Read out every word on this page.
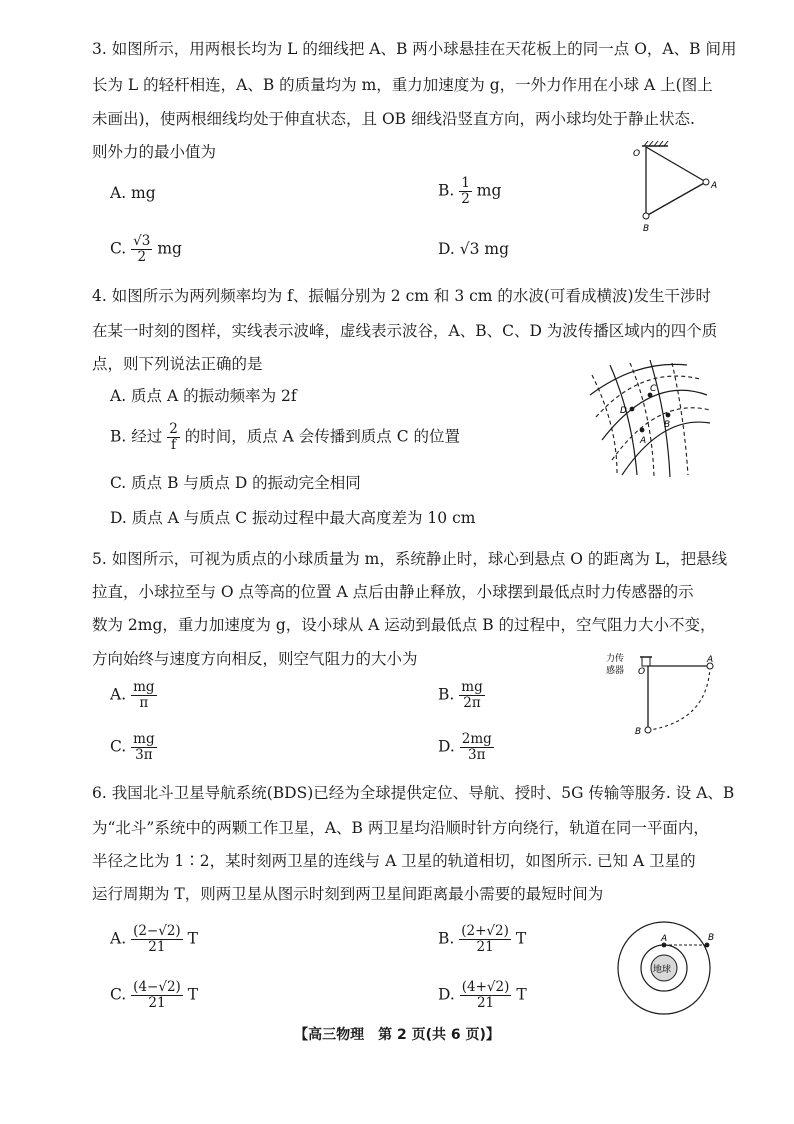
3. 如图所示，用两根长均为 L 的细线把 A、B 两小球悬挂在天花板上的同一点 O，A、B 间用
长为 L 的轻杆相连，A、B 的质量均为 m，重力加速度为 g，一外力作用在小球 A 上(图上
未画出)，使两根细线均处于伸直状态，且 OB 细线沿竖直方向，两小球均处于静止状态.
则外力的最小值为
A. mg	B. $\frac{1}{2}$ mg
C. $\frac{√3}{2}$ mg	D. √3 mg
O
A
B
4. 如图所示为两列频率均为 f、振幅分别为 2 cm 和 3 cm 的水波(可看成横波)发生干涉时
在某一时刻的图样，实线表示波峰，虚线表示波谷，A、B、C、D 为波传播区域内的四个质
点，则下列说法正确的是
A. 质点 A 的振动频率为 2f
B. 经过 $\frac{2}{f}$ 的时间，质点 A 会传播到质点 C 的位置
C. 质点 B 与质点 D 的振动完全相同
D. 质点 A 与质点 C 振动过程中最大高度差为 10 cm
A
B
C
D
5. 如图所示，可视为质点的小球质量为 m，系统静止时，球心到悬点 O 的距离为 L，把悬线
拉直，小球拉至与 O 点等高的位置 A 点后由静止释放，小球摆到最低点时力传感器的示
数为 2mg，重力加速度为 g，设小球从 A 运动到最低点 B 的过程中，空气阻力大小不变，
方向始终与速度方向相反，则空气阻力的大小为
A. $\frac{mg}{\pi}$	B. $\frac{mg}{2\pi}$
C. $\frac{mg}{3\pi}$	D. $\frac{2mg}{3\pi}$
力传
感器 O
A
B
6. 我国北斗卫星导航系统(BDS)已经为全球提供定位、导航、授时、5G 传输等服务. 设 A、B
为“北斗”系统中的两颗工作卫星，A、B 两卫星均沿顺时针方向绕行，轨道在同一平面内，
半径之比为 1∶2，某时刻两卫星的连线与 A 卫星的轨道相切，如图所示. 已知 A 卫星的
运行周期为 T，则两卫星从图示时刻到两卫星间距离最小需要的最短时间为
A. $\frac{(2-√2)}{21}$ T	B. $\frac{(2+√2)}{21}$ T
C. $\frac{(4-√2)}{21}$ T	D. $\frac{(4+√2)}{21}$ T
地球
A	B
【高三物理　第 2 页(共 6 页)】
